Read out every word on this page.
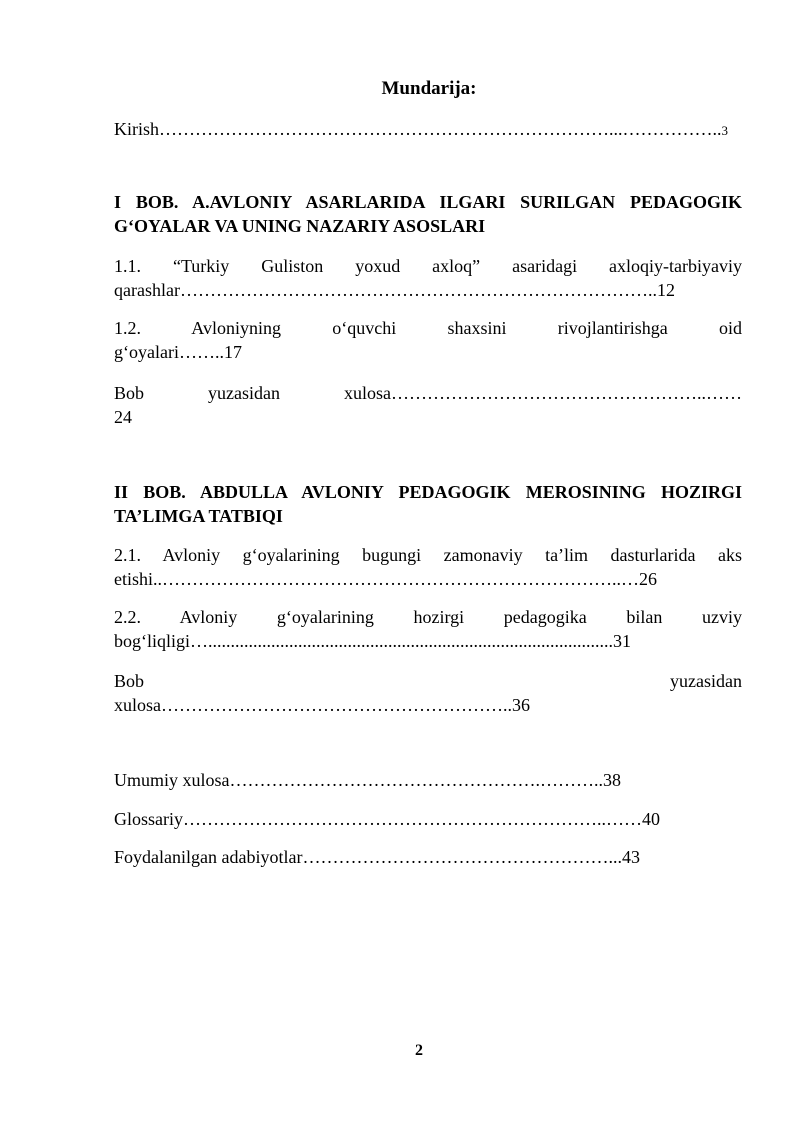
Mundarija:
Kirish…………………………………………………………………...……………..3
I BOB. A.AVLONIY ASARLARIDA ILGARI SURILGAN PEDAGOGIK G‘OYALAR VA UNING NAZARIY ASOSLARI
1.1. “Turkiy Guliston yoxud axloq” asaridagi axloqiy-tarbiyaviy
qarashlar……………………………………………………………………..12
1.2. Avloniyning o‘quvchi shaxsini rivojlantirishga oid
g‘oyalari……..17
Bob yuzasidan xulosa……………………………………………..……
24
II BOB. ABDULLA AVLONIY PEDAGOGIK MEROSINING HOZIRGI TA’LIMGA TATBIQI
2.1. Avloniy g‘oyalarining bugungi zamonaviy ta’lim dasturlarida aks
etishi..…………………………………………………………………..…26
2.2. Avloniy g‘oyalarining hozirgi pedagogika bilan uzviy
bog‘liqligi…..........................................................................................31
Bob	yuzasidan
xulosa…………………………………………………..36
Umumiy xulosa…………………………………………….………..38
Glossariy……………………………………………………………..……40
Foydalanilgan adabiyotlar……………………………………………...43
2
